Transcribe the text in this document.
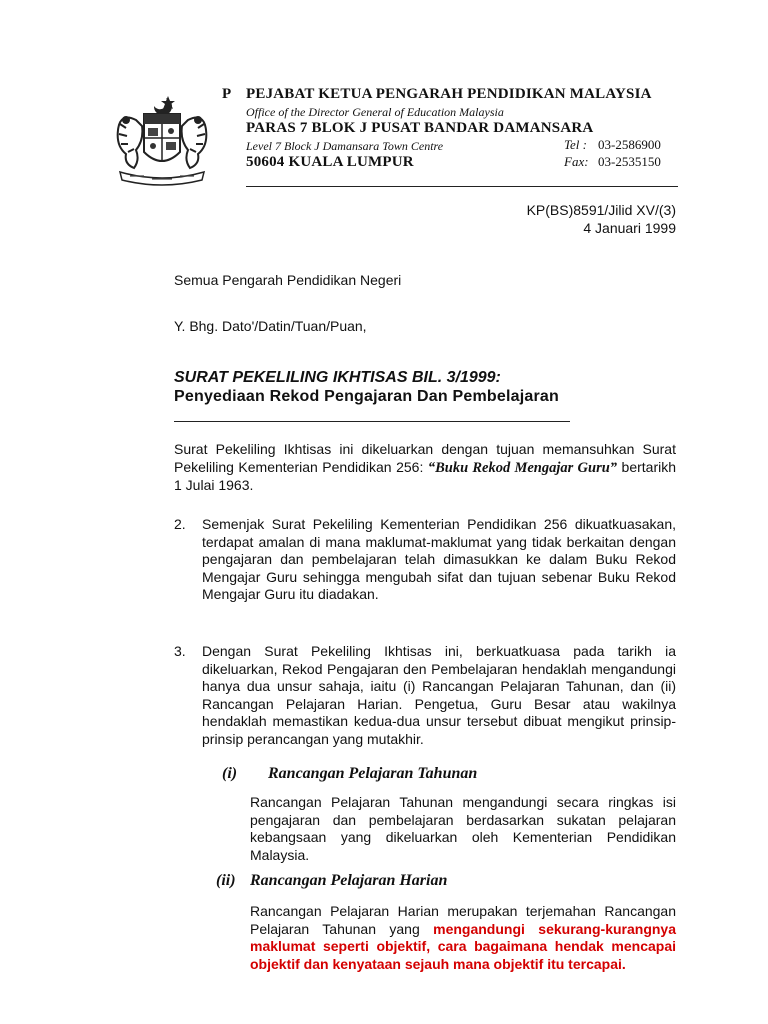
P PEJABAT KETUA PENGARAH PENDIDIKAN MALAYSIA
Office of the Director General of Education Malaysia
PARAS 7 BLOK J PUSAT BANDAR DAMANSARA
Level 7 Block J Damansara Town Centre
50604 KUALA LUMPUR
Tel : 03-2586900
Fax: 03-2535150
KP(BS)8591/Jilid XV/(3)
4 Januari 1999
Semua Pengarah Pendidikan Negeri
Y. Bhg. Dato'/Datin/Tuan/Puan,
SURAT PEKELILING IKHTISAS BIL. 3/1999:
Penyediaan Rekod Pengajaran Dan Pembelajaran
Surat Pekeliling Ikhtisas ini dikeluarkan dengan tujuan memansuhkan Surat Pekeliling Kementerian Pendidikan 256: “Buku Rekod Mengajar Guru” bertarikh 1 Julai 1963.
2. Semenjak Surat Pekeliling Kementerian Pendidikan 256 dikuatkuasakan, terdapat amalan di mana maklumat-maklumat yang tidak berkaitan dengan pengajaran dan pembelajaran telah dimasukkan ke dalam Buku Rekod Mengajar Guru sehingga mengubah sifat dan tujuan sebenar Buku Rekod Mengajar Guru itu diadakan.
3. Dengan Surat Pekeliling Ikhtisas ini, berkuatkuasa pada tarikh ia dikeluarkan, Rekod Pengajaran den Pembelajaran hendaklah mengandungi hanya dua unsur sahaja, iaitu (i) Rancangan Pelajaran Tahunan, dan (ii) Rancangan Pelajaran Harian. Pengetua, Guru Besar atau wakilnya hendaklah memastikan kedua-dua unsur tersebut dibuat mengikut prinsip-prinsip perancangan yang mutakhir.
(i) Rancangan Pelajaran Tahunan
Rancangan Pelajaran Tahunan mengandungi secara ringkas isi pengajaran dan pembelajaran berdasarkan sukatan pelajaran kebangsaan yang dikeluarkan oleh Kementerian Pendidikan Malaysia.
(ii) Rancangan Pelajaran Harian
Rancangan Pelajaran Harian merupakan terjemahan Rancangan Pelajaran Tahunan yang mengandungi sekurang-kurangnya maklumat seperti objektif, cara bagaimana hendak mencapai objektif dan kenyataan sejauh mana objektif itu tercapai.
